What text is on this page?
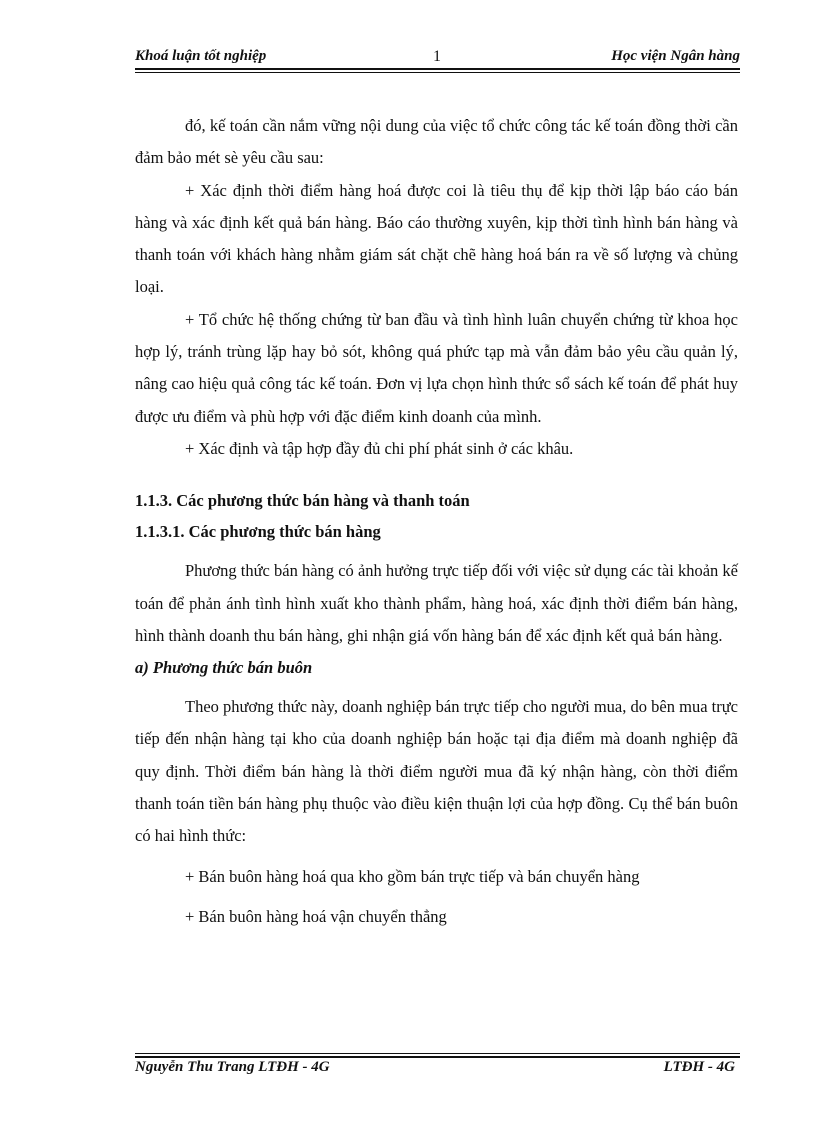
Khoá luận tốt nghiệp	1	Học viện Ngân hàng

đó, kế toán cần nắm vững nội dung của việc tổ chức công tác kế toán đồng thời cần đảm bảo mét sè yêu cầu sau:

+ Xác định thời điểm hàng hoá được coi là tiêu thụ để kịp thời lập báo cáo bán hàng và xác định kết quả bán hàng. Báo cáo thường xuyên, kịp thời tình hình bán hàng và thanh toán với khách hàng nhằm giám sát chặt chẽ hàng hoá bán ra về số lượng và chủng loại.

+ Tổ chức hệ thống chứng từ ban đầu và tình hình luân chuyển chứng từ khoa học hợp lý, tránh trùng lặp hay bỏ sót, không quá phức tạp mà vẫn đảm bảo yêu cầu quản lý, nâng cao hiệu quả công tác kế toán. Đơn vị lựa chọn hình thức sổ sách kế toán để phát huy được ưu điểm và phù hợp với đặc điểm kinh doanh của mình.

+ Xác định và tập hợp đầy đủ chi phí phát sinh ở các khâu.

1.1.3. Các phương thức bán hàng và thanh toán

1.1.3.1. Các phương thức bán hàng

Phương thức bán hàng có ảnh hưởng trực tiếp đối với việc sử dụng các tài khoản kế toán để phản ánh tình hình xuất kho thành phẩm, hàng hoá, xác định thời điểm bán hàng, hình thành doanh thu bán hàng, ghi nhận giá vốn hàng bán để xác định kết quả bán hàng.

a) Phương thức bán buôn

Theo phương thức này, doanh nghiệp bán trực tiếp cho người mua, do bên mua trực tiếp đến nhận hàng tại kho của doanh nghiệp bán hoặc tại địa điểm mà doanh nghiệp đã quy định. Thời điểm bán hàng là thời điểm người mua đã ký nhận hàng, còn thời điểm thanh toán tiền bán hàng phụ thuộc vào điều kiện thuận lợi của hợp đồng. Cụ thể bán buôn có hai hình thức:

+ Bán buôn hàng hoá qua kho gồm bán trực tiếp và bán chuyển hàng

+ Bán buôn hàng hoá vận chuyển thẳng

Nguyễn Thu Trang LTĐH - 4G	LTĐH - 4G
